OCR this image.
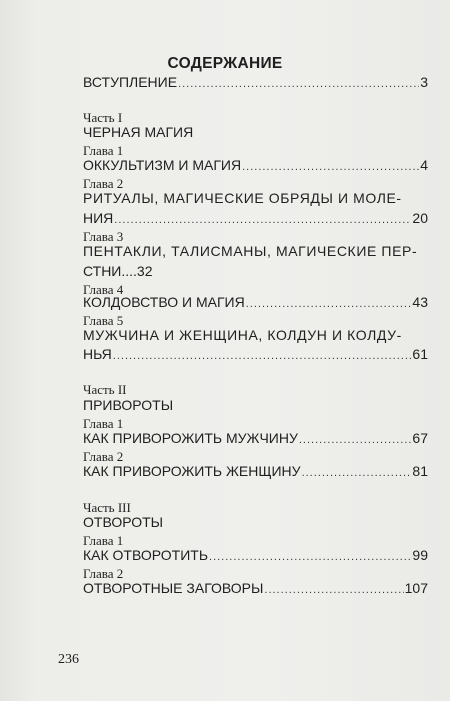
СОДЕРЖАНИЕ
ВСТУПЛЕНИЕ .....	3
Часть I
ЧЕРНАЯ МАГИЯ
Глава 1
ОККУЛЬТИЗМ И МАГИЯ .....	4
Глава 2
РИТУАЛЫ, МАГИЧЕСКИЕ ОБРЯДЫ И МОЛЕ-
НИЯ .....	20
Глава 3
ПЕНТАКЛИ, ТАЛИСМАНЫ, МАГИЧЕСКИЕ ПЕР-
СТНИ....32
Глава 4
КОЛДОВСТВО И МАГИЯ .....	43
Глава 5
МУЖЧИНА И ЖЕНЩИНА, КОЛДУН И КОЛДУ-
НЬЯ .....	61
Часть II
ПРИВОРОТЫ
Глава 1
КАК ПРИВОРОЖИТЬ МУЖЧИНУ .....	67
Глава 2
КАК ПРИВОРОЖИТЬ ЖЕНЩИНУ .....	81
Часть III
ОТВОРОТЫ
Глава 1
КАК ОТВОРОТИТЬ .....	99
Глава 2
ОТВОРОТНЫЕ ЗАГОВОРЫ .....	107
236
